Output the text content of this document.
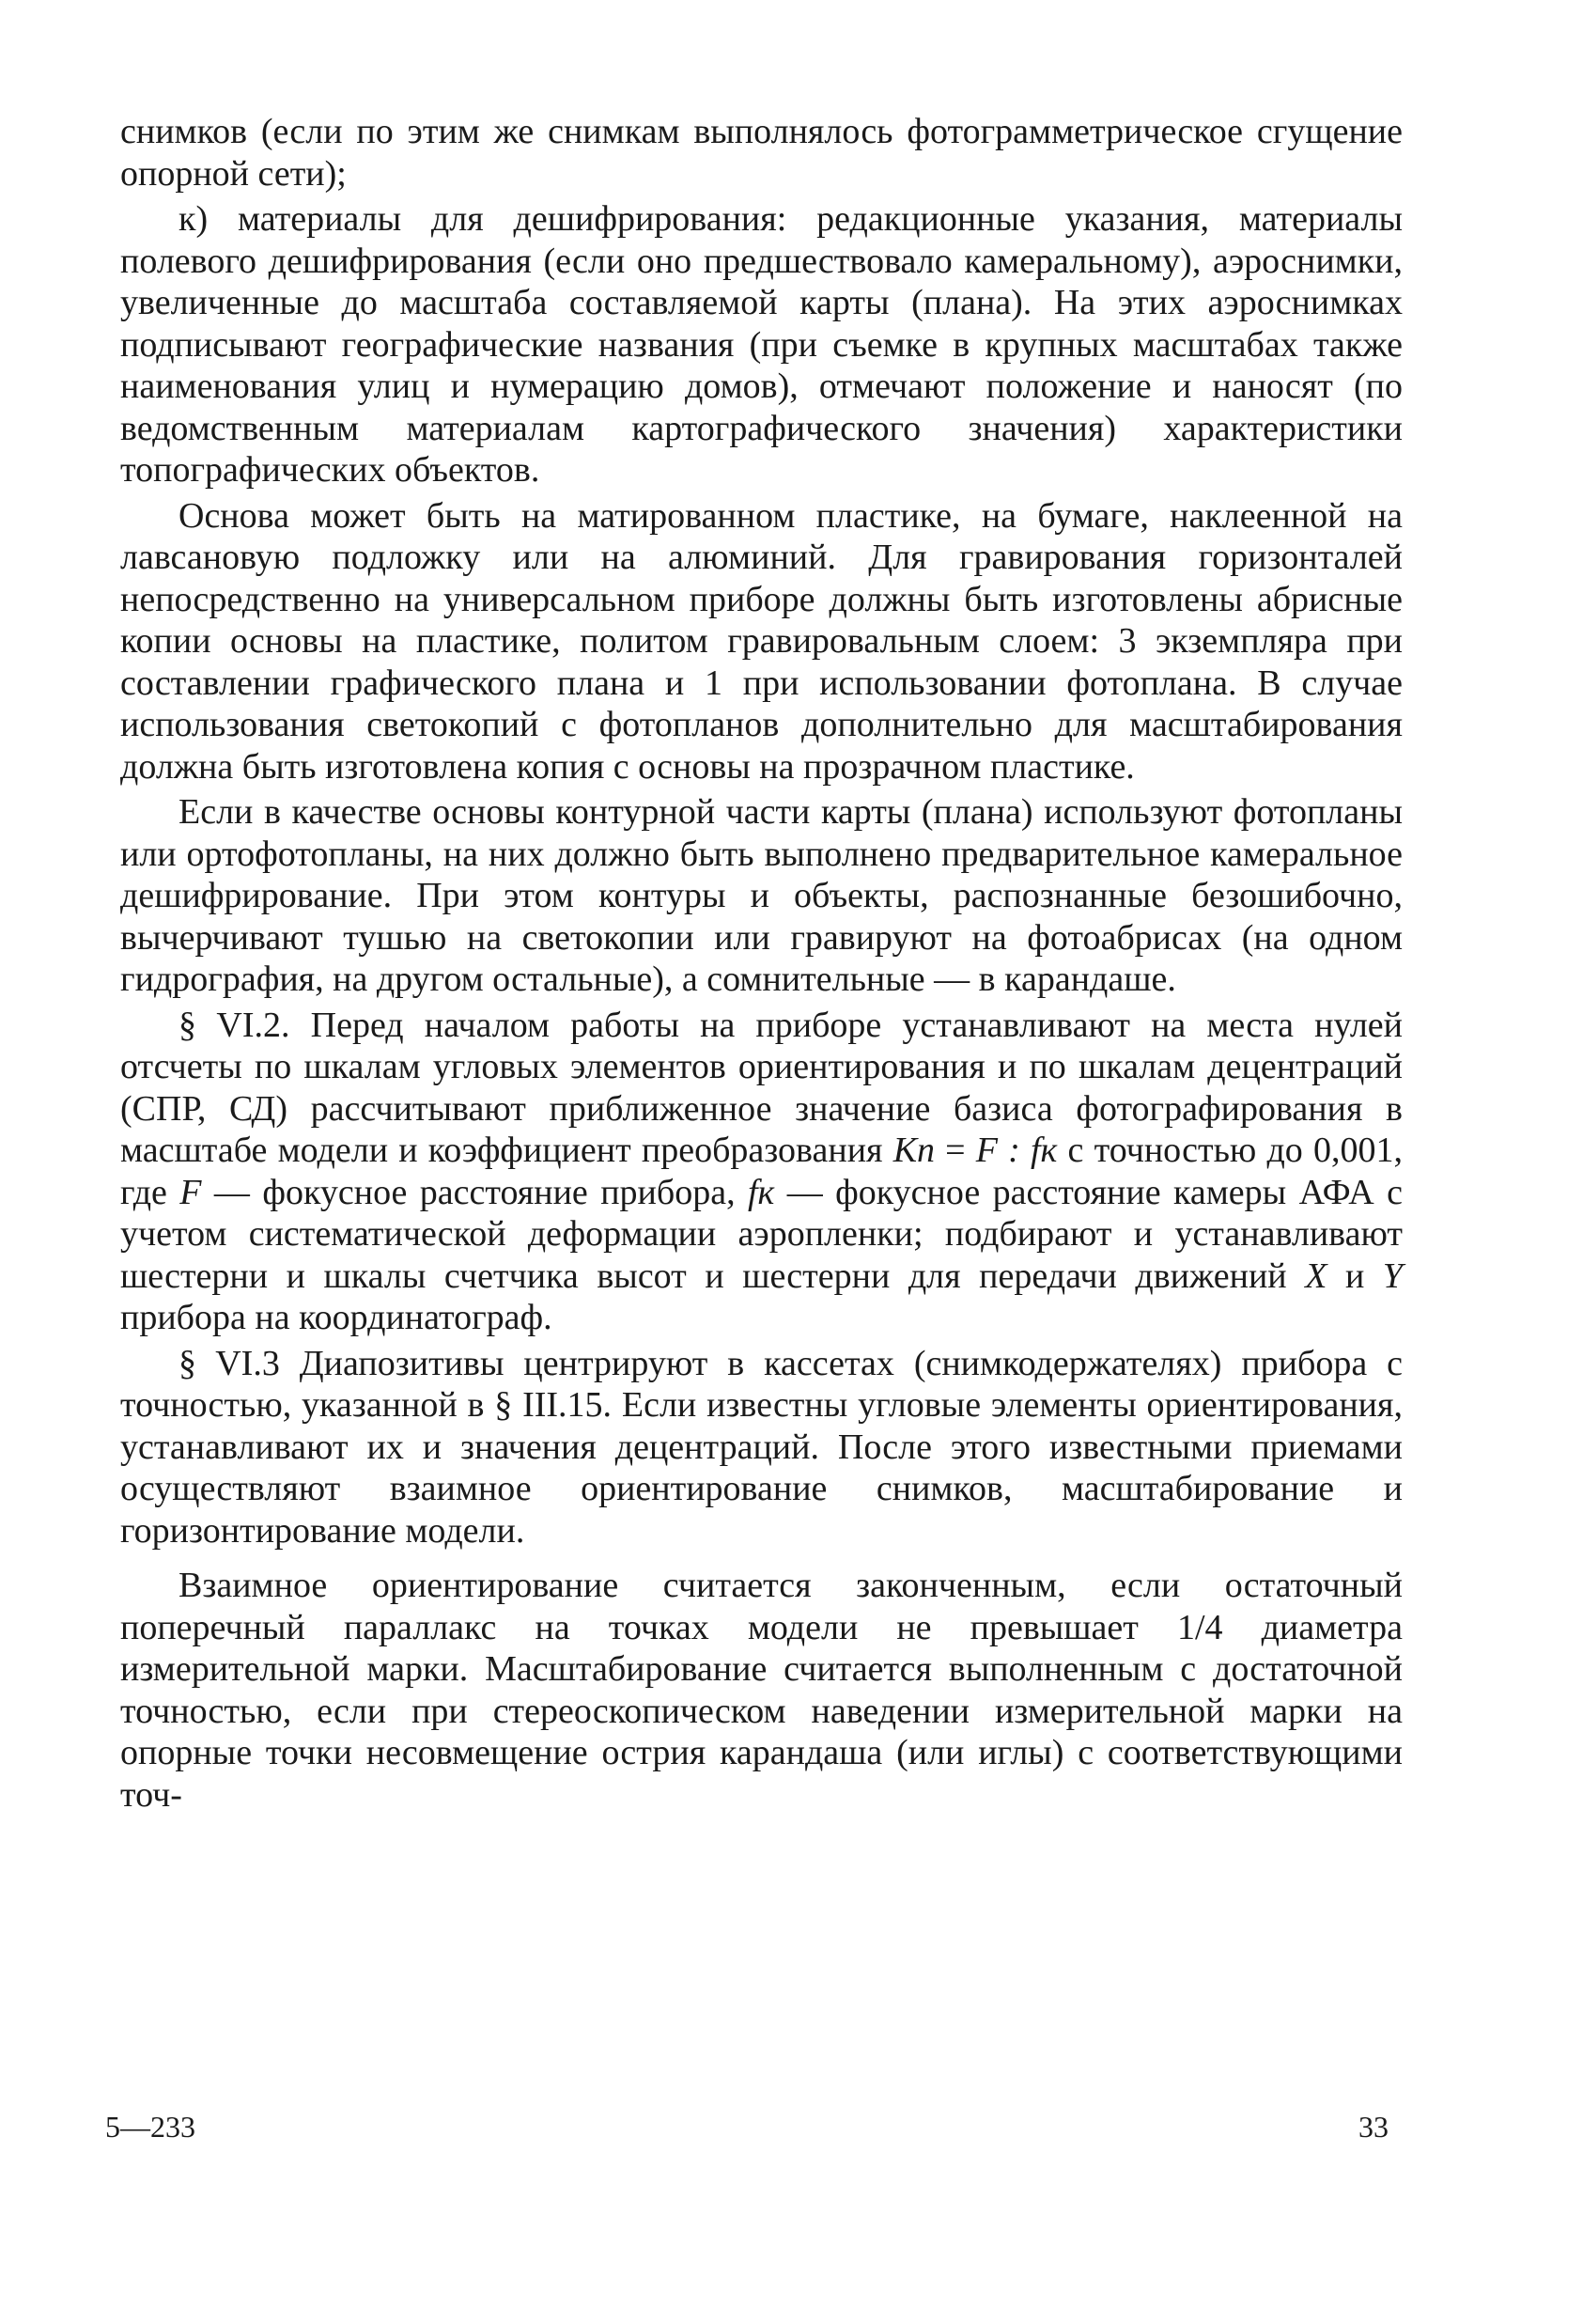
снимков (если по этим же снимкам выполнялось фотограмметрическое сгущение опорной сети);

к) материалы для дешифрирования: редакционные указания, материалы полевого дешифрирования (если оно предшествовало камеральному), аэроснимки, увеличенные до масштаба составляемой карты (плана). На этих аэроснимках подписывают географические названия (при съемке в крупных масштабах также наименования улиц и нумерацию домов), отмечают положение и наносят (по ведомственным материалам картографического значения) характеристики топографических объектов.

Основа может быть на матированном пластике, на бумаге, наклеенной на лавсановую подложку или на алюминий. Для гравирования горизонталей непосредственно на универсальном приборе должны быть изготовлены абрисные копии основы на пластике, политом гравировальным слоем: 3 экземпляра при составлении графического плана и 1 при использовании фотоплана. В случае использования светокопий с фотопланов дополнительно для масштабирования должна быть изготовлена копия с основы на прозрачном пластике.

Если в качестве основы контурной части карты (плана) используют фотопланы или ортофотопланы, на них должно быть выполнено предварительное камеральное дешифрирование. При этом контуры и объекты, распознанные безошибочно, вычерчивают тушью на светокопии или гравируют на фотоабрисах (на одном гидрография, на другом остальные), а сомнительные — в карандаше.

§ VI.2. Перед началом работы на приборе устанавливают на места нулей отсчеты по шкалам угловых элементов ориентирования и по шкалам децентраций (СПР, СД) рассчитывают приближенное значение базиса фотографирования в масштабе модели и коэффициент преобразования Кп = F : fк с точностью до 0,001, где F — фокусное расстояние прибора, fк — фокусное расстояние камеры АФА с учетом систематической деформации аэропленки; подбирают и устанавливают шестерни и шкалы счетчика высот и шестерни для передачи движений X и Y прибора на координатограф.

§ VI.3 Диапозитивы центрируют в кассетах (снимкодержателях) прибора с точностью, указанной в § III.15. Если известны угловые элементы ориентирования, устанавливают их и значения децентраций. После этого известными приемами осуществляют взаимное ориентирование снимков, масштабирование и горизонтирование модели.

Взаимное ориентирование считается законченным, если остаточный поперечный параллакс на точках модели не превышает 1/4 диаметра измерительной марки. Масштабирование считается выполненным с достаточной точностью, если при стереоскопическом наведении измерительной марки на опорные точки несовмещение острия карандаша (или иглы) с соответствующими точ-

5—233	33
